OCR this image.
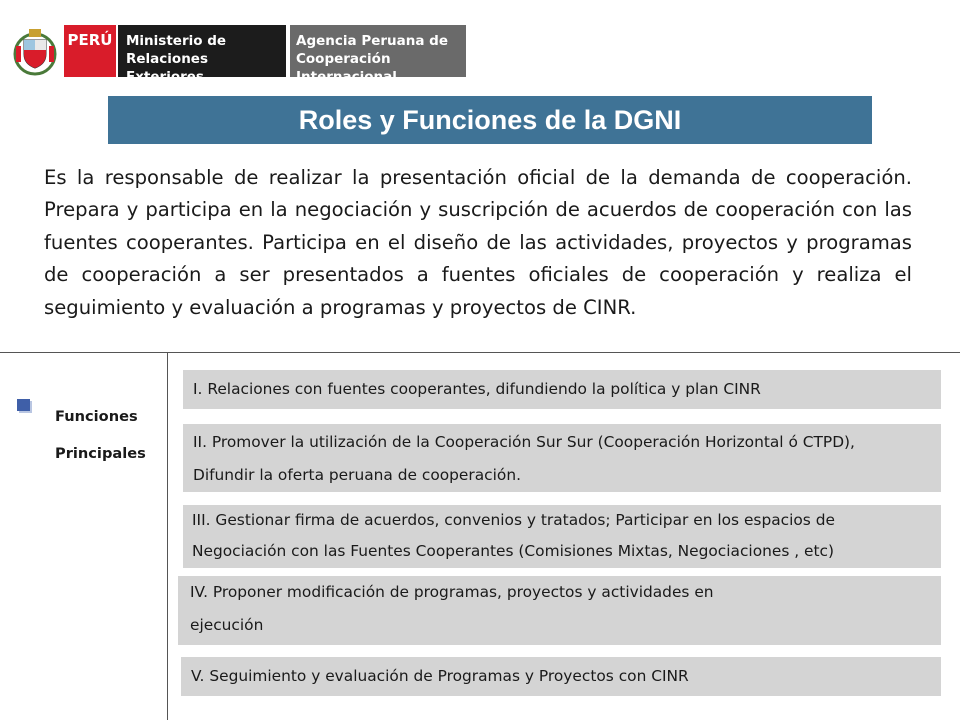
PERÚ Ministerio de
Relaciones Exteriores
Agencia Peruana de
Cooperación Internacional
Roles y Funciones de la DGNI
Es la responsable de realizar la presentación oficial de la demanda de cooperación. Prepara y participa en la negociación y suscripción de acuerdos de cooperación con las fuentes cooperantes. Participa en el diseño de las actividades, proyectos y programas de cooperación a ser presentados a fuentes oficiales de cooperación y realiza el seguimiento y evaluación a programas y proyectos de CINR.
Funciones
Principales
I. Relaciones con fuentes cooperantes, difundiendo la política y plan CINR
II. Promover la utilización de la Cooperación Sur Sur (Cooperación Horizontal ó CTPD),
Difundir la oferta peruana de cooperación.
III. Gestionar firma de acuerdos, convenios y tratados; Participar en los espacios de
Negociación con las Fuentes Cooperantes (Comisiones Mixtas, Negociaciones , etc)
IV. Proponer modificación de programas, proyectos y actividades en
ejecución
V. Seguimiento y evaluación de Programas y Proyectos con CINR
